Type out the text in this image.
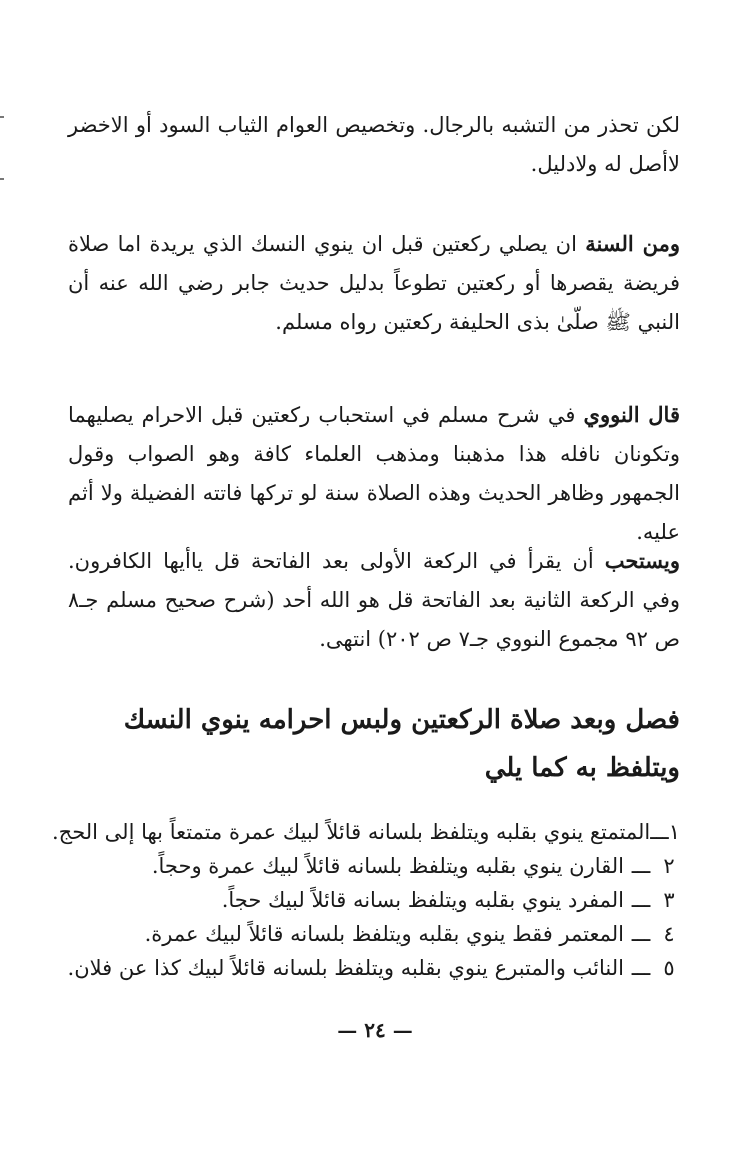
لكن تحذر من التشبه بالرجال. وتخصيص العوام الثياب السود أو الاخضر لاأصل له ولادليل.

ومن السنة ان يصلي ركعتين قبل ان ينوي النسك الذي يريدة اما صلاة فريضة يقصرها أو ركعتين تطوعاً بدليل حديث جابر رضي الله عنه أن النبي ﷺ صلّىٰ بذى الحليفة ركعتين رواه مسلم.

قال النووي في شرح مسلم في استحباب ركعتين قبل الاحرام يصليهما وتكونان نافله هذا مذهبنا ومذهب العلماء كافة وهو الصواب وقول الجمهور وظاهر الحديث وهذه الصلاة سنة لو تركها فاتته الفضيلة ولا أثم عليه.

ويستحب أن يقرأ في الركعة الأولى بعد الفاتحة قل ياأيها الكافرون. وفي الركعة الثانية بعد الفاتحة قل هو الله أحد (شرح صحيح مسلم جـ٨ ص ٩٢ مجموع النووي جـ٧ ص ٢٠٢) انتهى.

فصل وبعد صلاة الركعتين ولبس احرامه ينوي النسك ويتلفظ به كما يلي
١
ـــ
المتمتع ينوي بقلبه ويتلفظ بلسانه قائلاً لبيك عمرة متمتعاً بها إلى الحج.
٢
ـــ
القارن ينوي بقلبه ويتلفظ بلسانه قائلاً لبيك عمرة وحجاً.
٣
ـــ
المفرد ينوي بقلبه ويتلفظ بسانه قائلاً لبيك حجاً.
٤
ـــ
المعتمر فقط ينوي بقلبه ويتلفظ بلسانه قائلاً لبيك عمرة.
٥
ـــ
النائب والمتبرع ينوي بقلبه ويتلفظ بلسانه قائلاً لبيك كذا عن فلان.
— ٢٤ —
